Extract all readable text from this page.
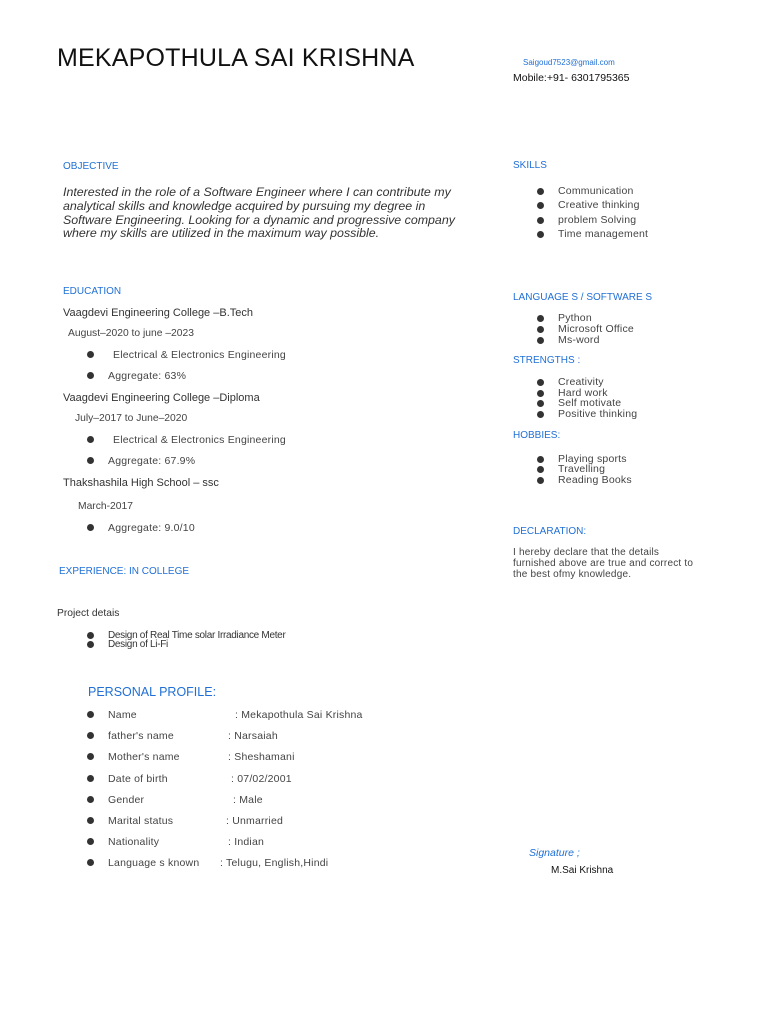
MEKAPOTHULA SAI KRISHNA	Saigoud7523@gmail.com
Mobile:+91- 6301795365
OBJECTIVE
Interested in the role of a Software Engineer where I can contribute my analytical skills and knowledge acquired by pursuing my degree in Software Engineering. Looking for a dynamic and progressive company where my skills are utilized in the maximum way possible.
EDUCATION
Vaagdevi Engineering College –B.Tech
August–2020 to june –2023
Electrical & Electronics Engineering
Aggregate: 63%
Vaagdevi Engineering College –Diploma
July–2017 to June–2020
Electrical & Electronics Engineering
Aggregate: 67.9%
Thakshashila High School – ssc
March-2017
Aggregate: 9.0/10
EXPERIENCE: IN COLLEGE
Project detais
Design of Real Time solar Irradiance Meter
Design of Li-Fi
PERSONAL PROFILE:
Name	: Mekapothula Sai Krishna
father's name	: Narsaiah
Mother's name	: Sheshamani
Date of birth	: 07/02/2001
Gender	: Male
Marital status	: Unmarried
Nationality	: Indian
Language s known : Telugu, English,Hindi
SKILLS
Communication
Creative thinking
problem Solving
Time management
LANGUAGE S / SOFTWARE S
Python
Microsoft Office
Ms-word
STRENGTHS :
Creativity
Hard work
Self motivate
Positive thinking
HOBBIES:
Playing sports
Travelling
Reading Books
DECLARATION:
I hereby declare that the details furnished above are true and correct to the best ofmy knowledge.
Signature ;
M.Sai Krishna
